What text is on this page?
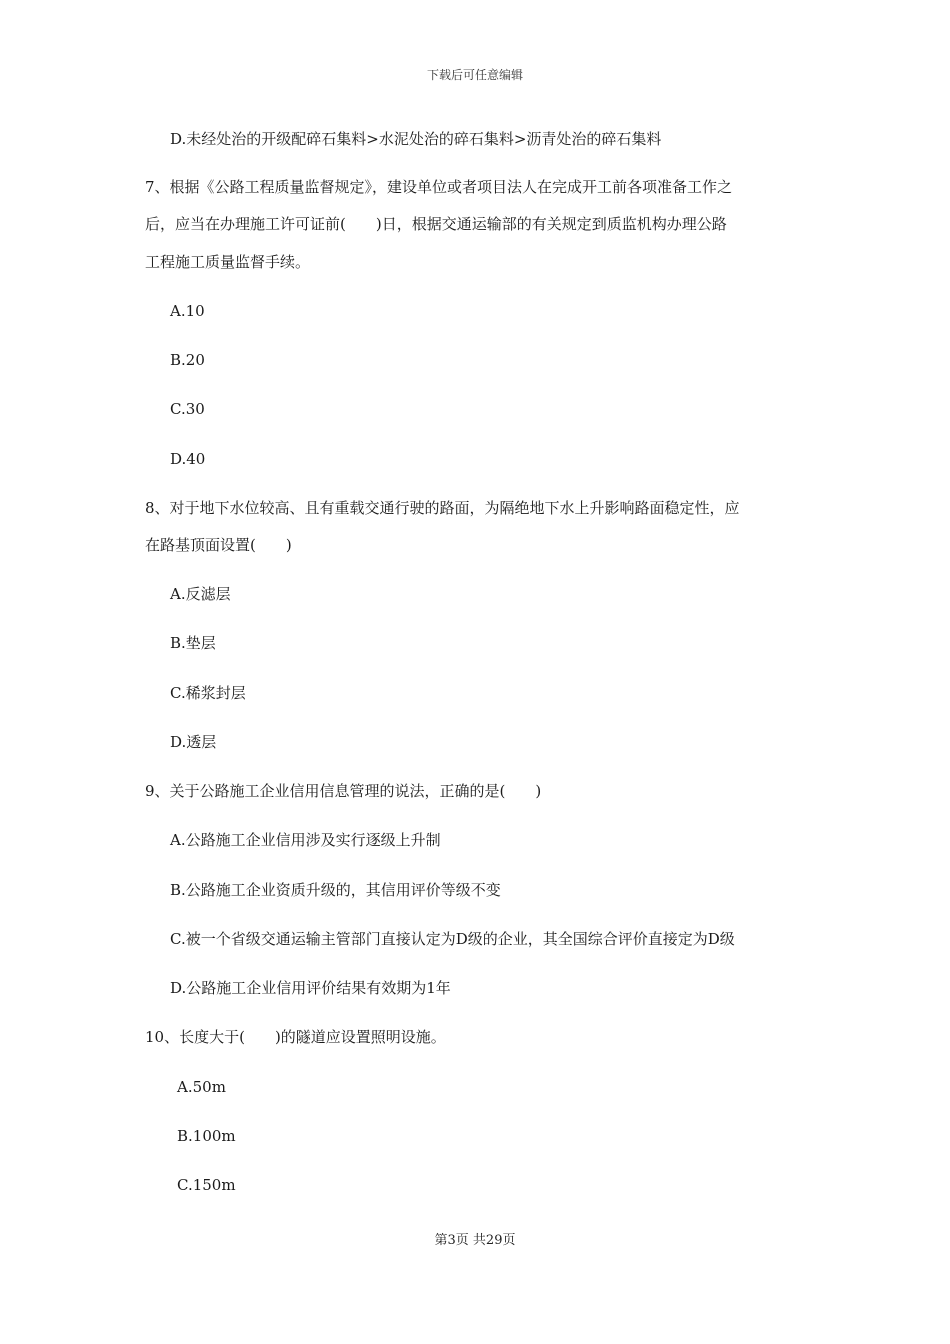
下载后可任意编辑
D.未经处治的开级配碎石集料>水泥处治的碎石集料>沥青处治的碎石集料
7、根据《公路工程质量监督规定》，建设单位或者项目法人在完成开工前各项准备工作之
后，应当在办理施工许可证前(　　)日，根据交通运输部的有关规定到质监机构办理公路
工程施工质量监督手续。
A.10
B.20
C.30
D.40
8、对于地下水位较高、且有重载交通行驶的路面，为隔绝地下水上升影响路面稳定性，应
在路基顶面设置(　　)
A.反滤层
B.垫层
C.稀浆封层
D.透层
9、关于公路施工企业信用信息管理的说法，正确的是(　　)
A.公路施工企业信用涉及实行逐级上升制
B.公路施工企业资质升级的，其信用评价等级不变
C.被一个省级交通运输主管部门直接认定为D级的企业，其全国综合评价直接定为D级
D.公路施工企业信用评价结果有效期为1年
10、长度大于(　　)的隧道应设置照明设施。
A.50m
B.100m
C.150m
第3页 共29页
